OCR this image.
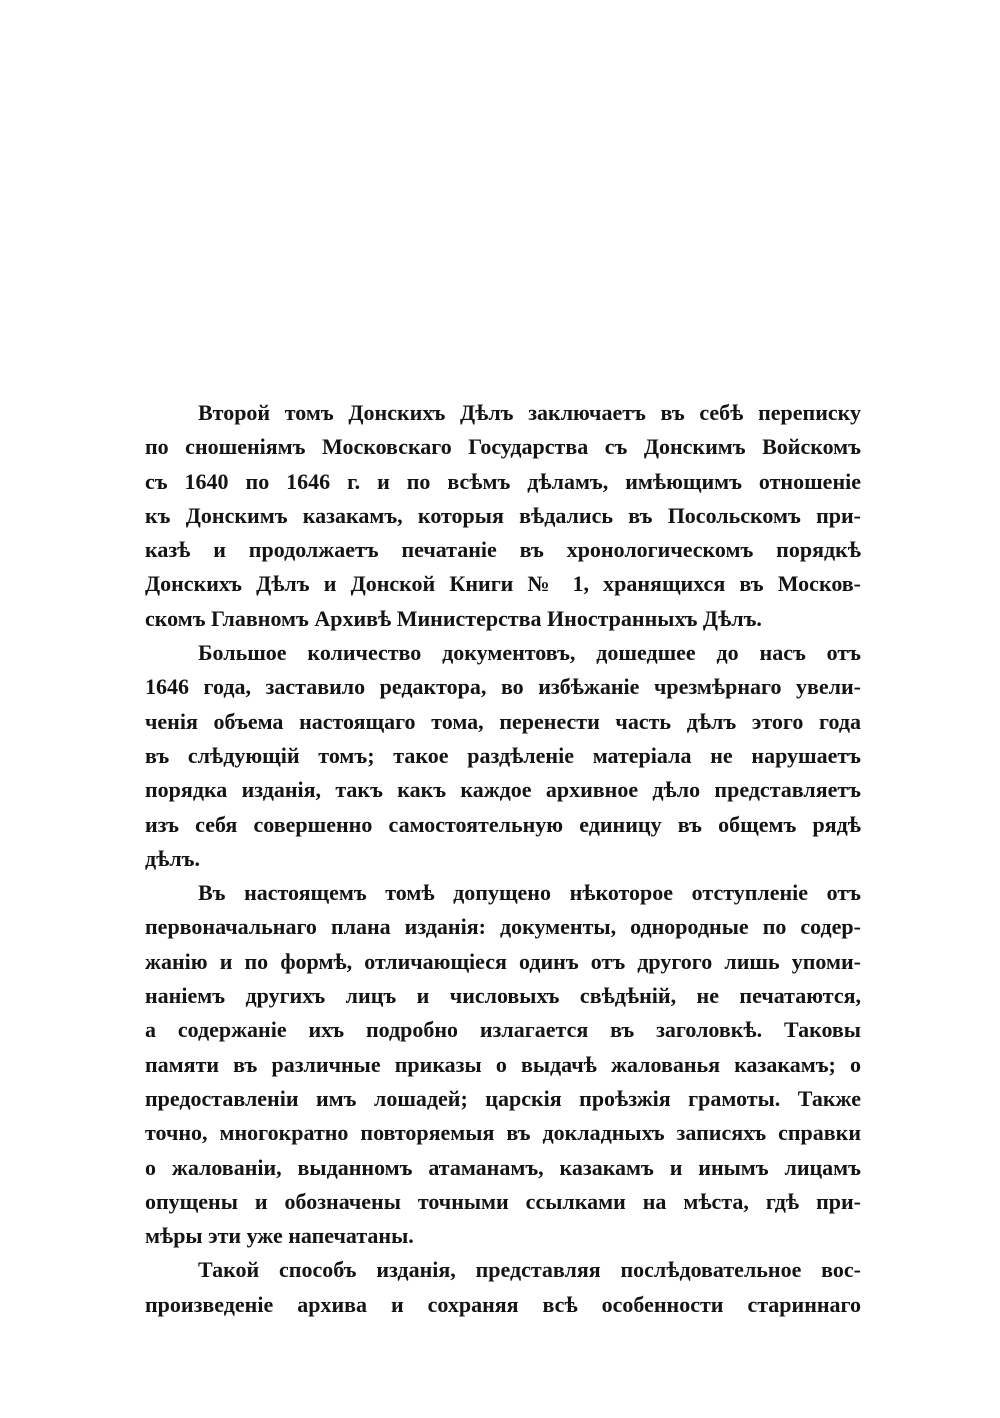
Второй томъ Донскихъ Дѣлъ заключаетъ въ себѣ переписку
по сношеніямъ Московскаго Государства съ Донскимъ Войскомъ
съ 1640 по 1646 г. и по всѣмъ дѣламъ, имѣющимъ отношеніе
къ Донскимъ казакамъ, которыя вѣдались въ Посольскомъ при-
казѣ и продолжаетъ печатаніе въ хронологическомъ порядкѣ
Донскихъ Дѣлъ и Донской Книги № 1, хранящихся въ Москов-
скомъ Главномъ Архивѣ Министерства Иностранныхъ Дѣлъ.
Большое количество документовъ, дошедшее до насъ отъ
1646 года, заставило редактора, во избѣжаніе чрезмѣрнаго увели-
ченія объема настоящаго тома, перенести часть дѣлъ этого года
въ слѣдующій томъ; такое раздѣленіе матеріала не нарушаетъ
порядка изданія, такъ какъ каждое архивное дѣло представляетъ
изъ себя совершенно самостоятельную единицу въ общемъ рядѣ
дѣлъ.
Въ настоящемъ томѣ допущено нѣкоторое отступленіе отъ
первоначальнаго плана изданія: документы, однородные по содер-
жанію и по формѣ, отличающіеся одинъ отъ другого лишь упоми-
наніемъ другихъ лицъ и числовыхъ свѣдѣній, не печатаются,
а содержаніе ихъ подробно излагается въ заголовкѣ. Таковы
памяти въ различные приказы о выдачѣ жалованья казакамъ; о
предоставленіи имъ лошадей; царскія проѣзжія грамоты. Также
точно, многократно повторяемыя въ докладныхъ записяхъ справки
о жалованіи, выданномъ атаманамъ, казакамъ и инымъ лицамъ
опущены и обозначены точными ссылками на мѣста, гдѣ при-
мѣры эти уже напечатаны.
Такой способъ изданія, представляя послѣдовательное вос-
произведеніе архива и сохраняя всѣ особенности стариннаго
